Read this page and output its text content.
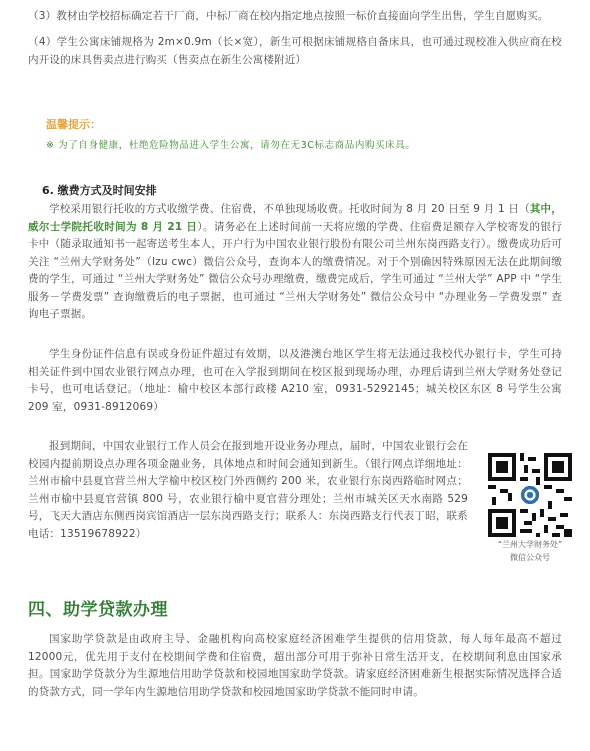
（3）教材由学校招标确定若干厂商，中标厂商在校内指定地点按照一标价直接面向学生出售，学生自愿购买。
（4）学生公寓床铺规格为 2m×0.9m（长×宽），新生可根据床铺规格自备床具，也可通过现校准入供应商在校内开设的床具售卖点进行购买（售卖点在新生公寓楼附近）
温馨提示：
※ 为了自身健康，杜绝危险物品进入学生公寓，请勿在无3C标志商品内购买床具。
6. 缴费方式及时间安排
学校采用银行托收的方式收缴学费、住宿费，不单独现场收费。托收时间为 8 月 20 日至 9 月 1 日（其中，威尔士学院托收时间为 8 月 21 日）。请务必在上述时间前一天将应缴的学费、住宿费足额存入学校寄发的银行卡中（随录取通知书一起寄送考生本人，开户行为中国农业银行股份有限公司兰州东岗西路支行）。缴费成功后可关注 “兰州大学财务处”（lzu cwc）微信公众号，查询本人的缴费情况。对于个别确因特殊原因无法在此期间缴费的学生，可通过 “兰州大学财务处” 微信公众号办理缴费，缴费完成后，学生可通过 “兰州大学” APP 中 “学生服务－学费发票” 查询缴费后的电子票据，也可通过 “兰州大学财务处” 微信公众号中 “办理业务－学费发票” 查询电子票据。
学生身份证件信息有误或身份证件超过有效期，以及港澳台地区学生将无法通过我校代办银行卡，学生可持相关证件到中国农业银行网点办理，也可在入学报到期间在校区报到现场办理，办理后请到兰州大学财务处登记卡号，也可电话登记。（地址：榆中校区本部行政楼 A210 室，0931-5292145；城关校区东区 8 号学生公寓 209 室，0931-8912069）
报到期间，中国农业银行工作人员会在报到地开设业务办理点，届时，中国农业银行会在校园内提前期设点办理各项金融业务，具体地点和时间会通知到新生。（银行网点详细地址：兰州市榆中县夏官营兰州大学榆中校区校门外西侧约 200 米，农业银行东岗西路临时网点；兰州市榆中县夏官营镇 800 号，农业银行榆中夏官营分理处；兰州市城关区天水南路 529 号，飞天大酒店东侧西岗宾馆酒店一层东岗西路支行；联系人：东岗西路支行代表丁昭，联系电话：13519678922）
“兰州大学财务处”
微信公众号
四、助学贷款办理
国家助学贷款是由政府主导、金融机构向高校家庭经济困难学生提供的信用贷款，每人每年最高不超过 12000元，优先用于支付在校期间学费和住宿费，超出部分可用于弥补日常生活开支，在校期间利息由国家承担。国家助学贷款分为生源地信用助学贷款和校园地国家助学贷款。请家庭经济困难新生根据实际情况选择合适的贷款方式，同一学年内生源地信用助学贷款和校园地国家助学贷款不能同时申请。
